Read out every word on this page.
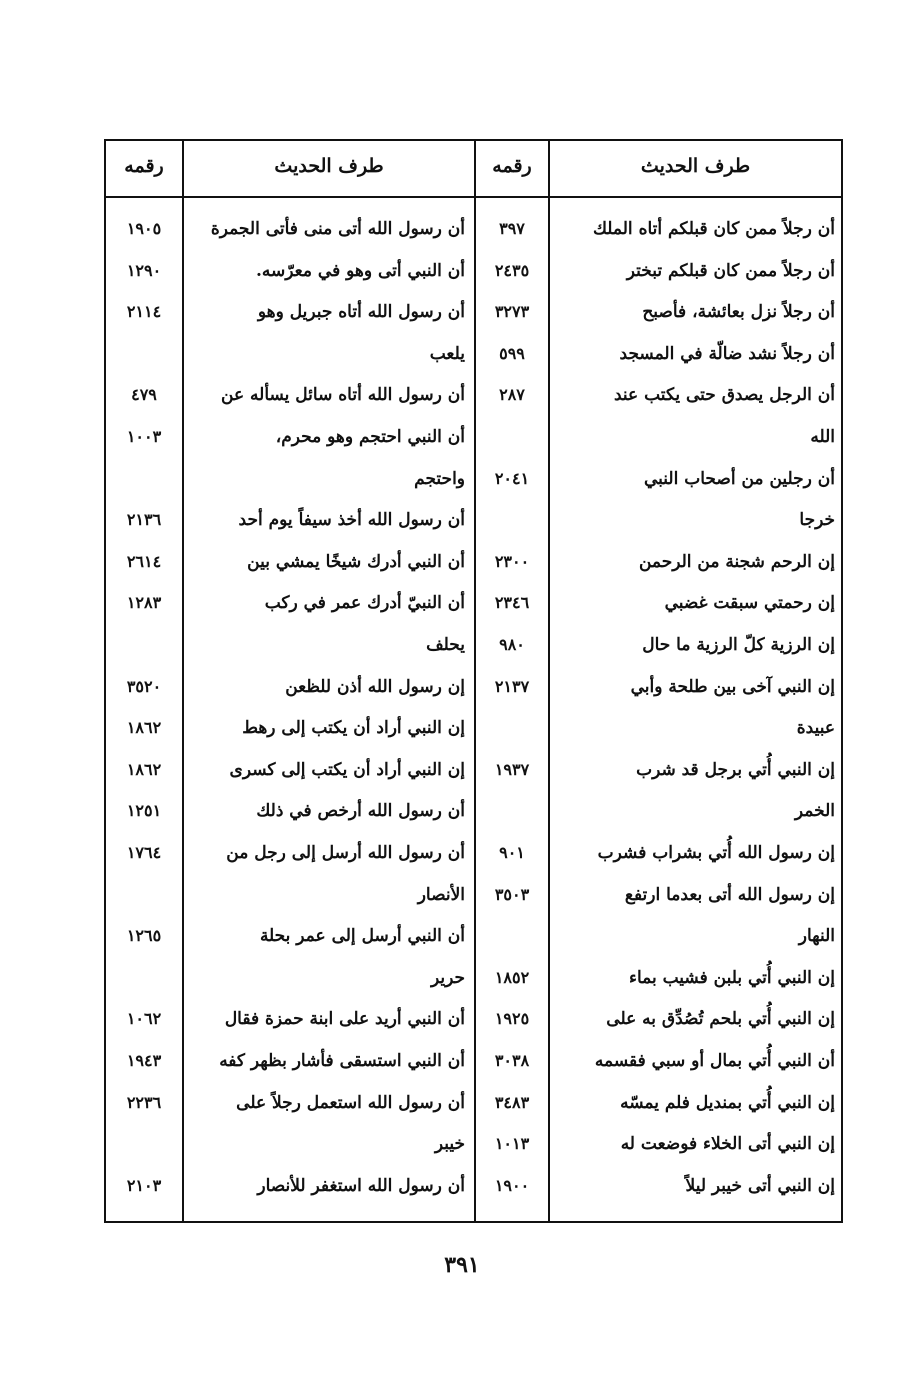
طرف الحديث
رقمه
طرف الحديث
رقمه
أن رجلاً ممن كان قبلكم أتاه الملك
٣٩٧
أن رجلاً ممن كان قبلكم تبختر
٢٤٣٥
أن رجلاً نزل بعائشة، فأصبح
٣٢٧٣
أن رجلاً نشد ضالّة في المسجد
٥٩٩
أن الرجل يصدق حتى يكتب عند
٢٨٧
الله
أن رجلين من أصحاب النبي
٢٠٤١
خرجا
إن الرحم شجنة من الرحمن
٢٣٠٠
إن رحمتي سبقت غضبي
٢٣٤٦
إن الرزية كلّ الرزية ما حال
٩٨٠
إن النبي آخى بين طلحة وأبي
٢١٣٧
عبيدة
إن النبي أُتي برجل قد شرب
١٩٣٧
الخمر
إن رسول الله أُتي بشراب فشرب
٩٠١
إن رسول الله أتى بعدما ارتفع
٣٥٠٣
النهار
إن النبي أُتي بلبن فشيب بماء
١٨٥٢
إن النبي أُتي بلحم تُصُدِّق به على
١٩٢٥
أن النبي أُتي بمال أو سبي فقسمه
٣٠٣٨
إن النبي أُتي بمنديل فلم يمسّه
٣٤٨٣
إن النبي أتى الخلاء فوضعت له
١٠١٣
إن النبي أتى خيبر ليلاً
١٩٠٠
أن رسول الله أتى منى فأتى الجمرة
١٩٠٥
أن النبي أتى وهو في معرّسه.
١٢٩٠
أن رسول الله أتاه جبريل وهو
٢١١٤
يلعب
أن رسول الله أتاه سائل يسأله عن
٤٧٩
أن النبي احتجم وهو محرم،
١٠٠٣
واحتجم
أن رسول الله أخذ سيفاً يوم أحد
٢١٣٦
أن النبي أدرك شيخًا يمشي بين
٢٦١٤
أن النبيّ أدرك عمر في ركب
١٢٨٣
يحلف
إن رسول الله أذن للظعن
٣٥٢٠
إن النبي أراد أن يكتب إلى رهط
١٨٦٢
إن النبي أراد أن يكتب إلى كسرى
١٨٦٢
أن رسول الله أرخص في ذلك
١٢٥١
أن رسول الله أرسل إلى رجل من
١٧٦٤
الأنصار
أن النبي أرسل إلى عمر بحلة
١٢٦٥
حرير
أن النبي أريد على ابنة حمزة فقال
١٠٦٢
أن النبي استسقى فأشار بظهر كفه
١٩٤٣
أن رسول الله استعمل رجلاً على
٢٢٣٦
خيبر
أن رسول الله استغفر للأنصار
٢١٠٣
٣٩١
